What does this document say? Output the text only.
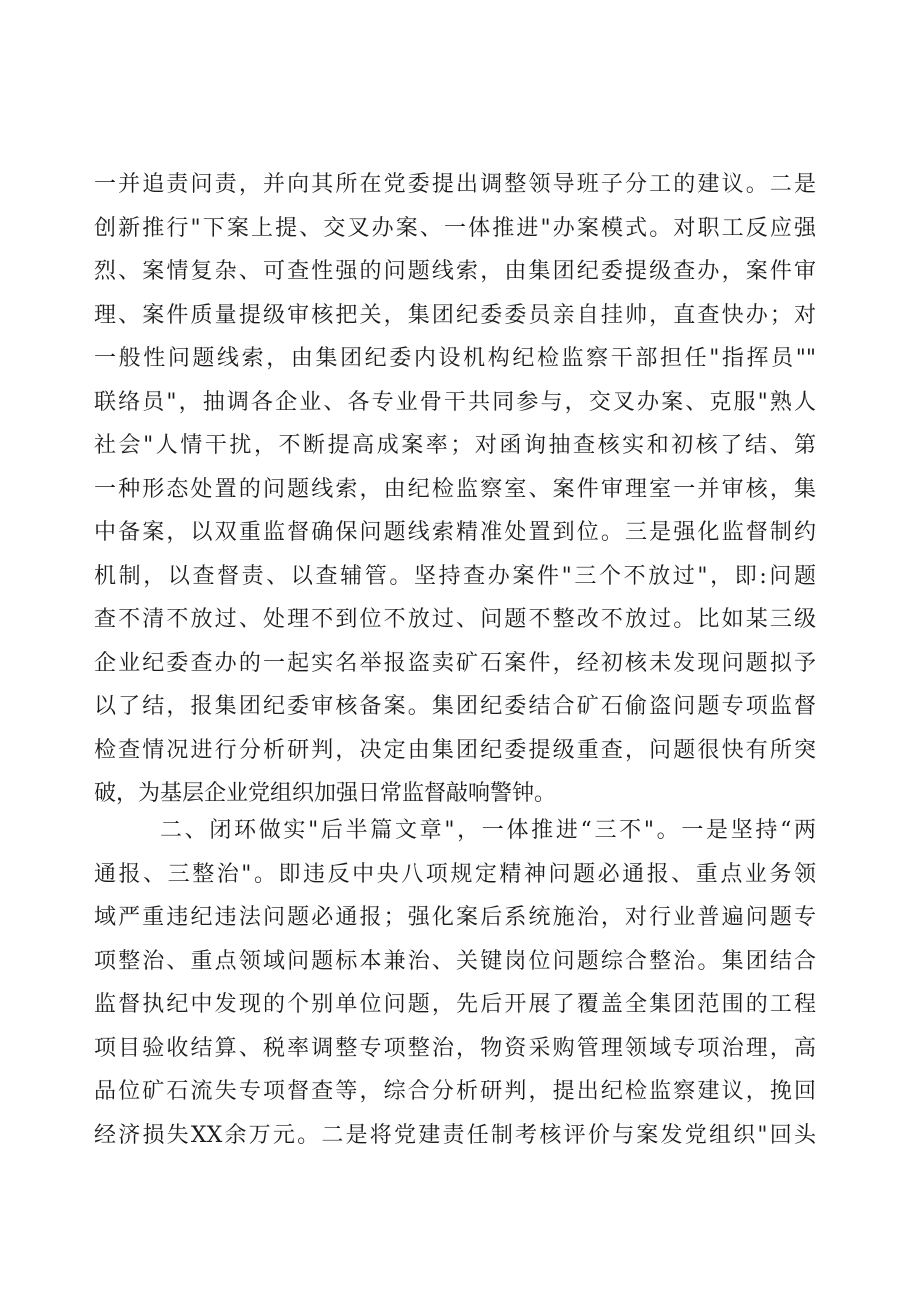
一并追责问责，并向其所在党委提出调整领导班子分工的建议。二是
创新推行"下案上提、交叉办案、一体推进"办案模式。对职工反应强
烈、案情复杂、可查性强的问题线索，由集团纪委提级查办，案件审
理、案件质量提级审核把关，集团纪委委员亲自挂帅，直查快办；对
一般性问题线索，由集团纪委内设机构纪检监察干部担任"指挥员""
联络员"，抽调各企业、各专业骨干共同参与，交叉办案、克服"熟人
社会"人情干扰，不断提高成案率；对函询抽查核实和初核了结、第
一种形态处置的问题线索，由纪检监察室、案件审理室一并审核，集
中备案，以双重监督确保问题线索精准处置到位。三是强化监督制约
机制，以查督责、以查辅管。坚持查办案件"三个不放过"，即:问题
查不清不放过、处理不到位不放过、问题不整改不放过。比如某三级
企业纪委查办的一起实名举报盗卖矿石案件，经初核未发现问题拟予
以了结，报集团纪委审核备案。集团纪委结合矿石偷盗问题专项监督
检查情况进行分析研判，决定由集团纪委提级重查，问题很快有所突
破，为基层企业党组织加强日常监督敲响警钟。
二、闭环做实"后半篇文章"，一体推进“三不"。一是坚持“两
通报、三整治"。即违反中央八项规定精神问题必通报、重点业务领
域严重违纪违法问题必通报；强化案后系统施治，对行业普遍问题专
项整治、重点领域问题标本兼治、关键岗位问题综合整治。集团结合
监督执纪中发现的个别单位问题，先后开展了覆盖全集团范围的工程
项目验收结算、税率调整专项整治，物资采购管理领域专项治理，高
品位矿石流失专项督查等，综合分析研判，提出纪检监察建议，挽回
经济损失XX余万元。二是将党建责任制考核评价与案发党组织"回头
